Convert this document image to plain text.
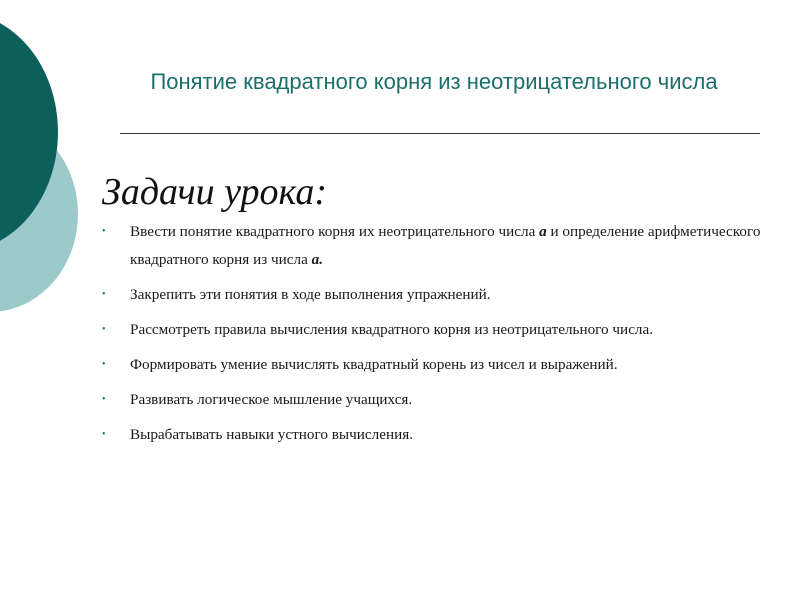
Понятие квадратного корня из неотрицательного числа
Задачи урока:
• Ввести понятие квадратного корня их неотрицательного числа a и определение арифметического квадратного корня из числа a.
• Закрепить эти понятия в ходе выполнения упражнений.
• Рассмотреть правила вычисления квадратного корня из неотрицательного числа.
• Формировать умение вычислять квадратный корень из чисел и выражений.
• Развивать логическое мышление учащихся.
• Вырабатывать навыки устного вычисления.
